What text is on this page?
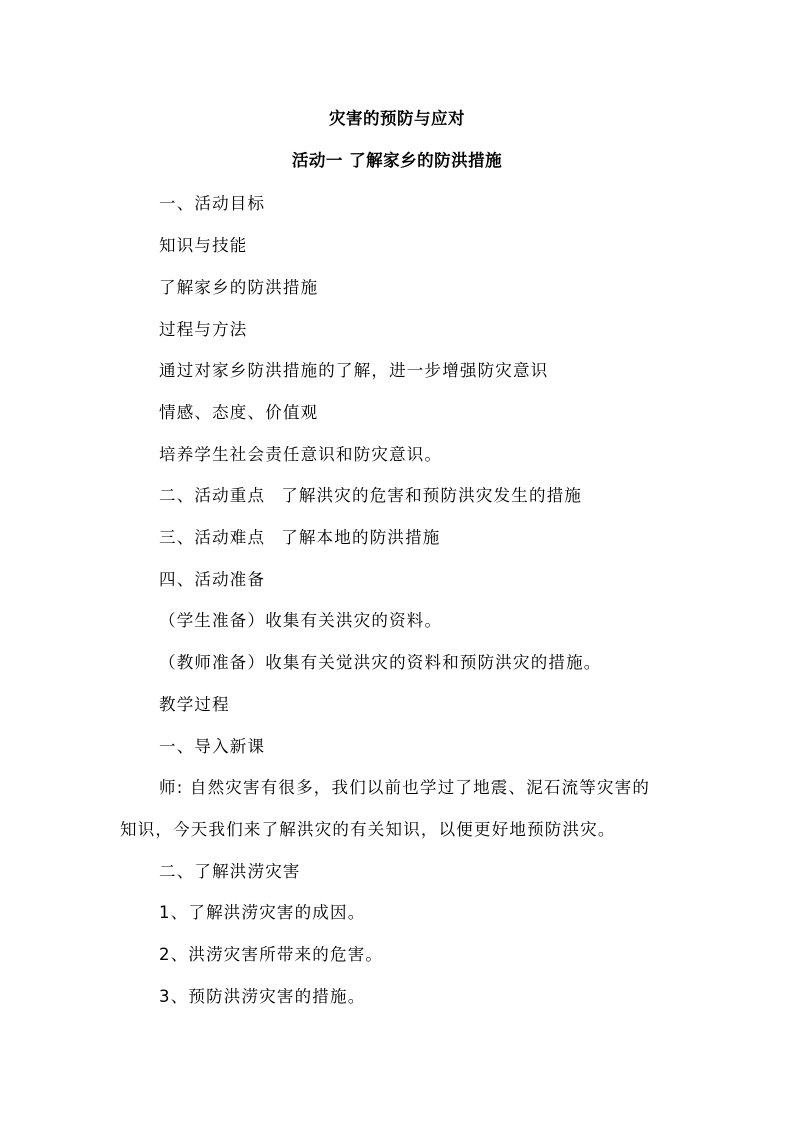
灾害的预防与应对
活动一 了解家乡的防洪措施
一、活动目标
知识与技能
了解家乡的防洪措施
过程与方法
通过对家乡防洪措施的了解，进一步增强防灾意识
情感、态度、价值观
培养学生社会责任意识和防灾意识。
二、活动重点 了解洪灾的危害和预防洪灾发生的措施
三、活动难点 了解本地的防洪措施
四、活动准备
（学生准备）收集有关洪灾的资料。
（教师准备）收集有关觉洪灾的资料和预防洪灾的措施。
教学过程
一、导入新课
师: 自然灾害有很多，我们以前也学过了地震、泥石流等灾害的
知识，今天我们来了解洪灾的有关知识，以便更好地预防洪灾。
二、了解洪涝灾害
1、了解洪涝灾害的成因。
2、洪涝灾害所带来的危害。
3、预防洪涝灾害的措施。
